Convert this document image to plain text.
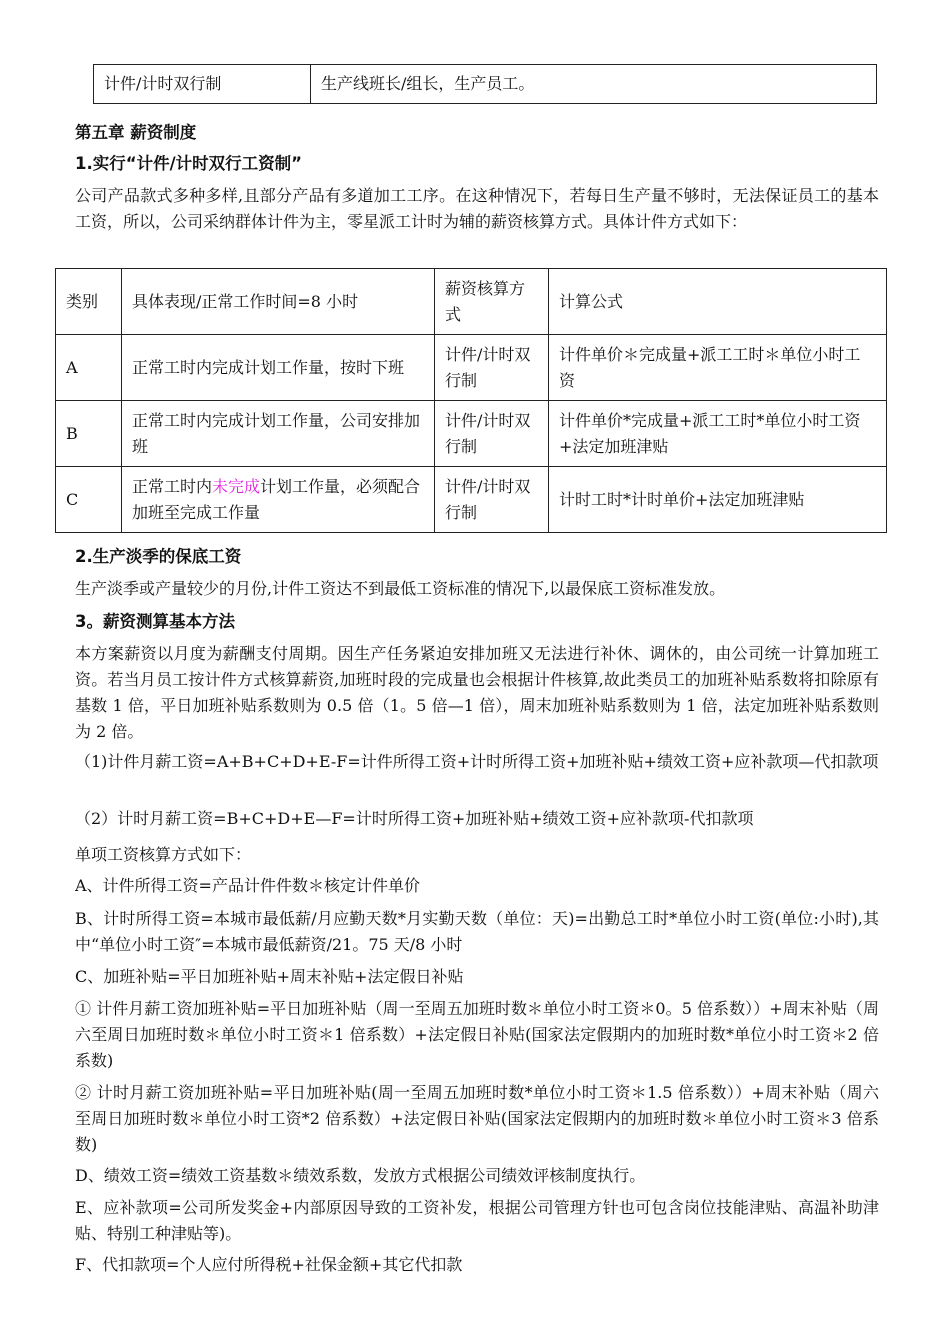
计件/计时双行制	生产线班长/组长，生产员工。
第五章 薪资制度
1.实行“计件/计时双行工资制”
公司产品款式多种多样,且部分产品有多道加工工序。在这种情况下，若每日生产量不够时，无法保证员工的基本工资，所以，公司采纳群体计件为主，零星派工计时为辅的薪资核算方式。具体计件方式如下：
类别	具体表现/正常工作时间=8 小时	薪资核算方式	计算公式
A	正常工时内完成计划工作量，按时下班	计件/计时双行制	计件单价＊完成量+派工工时＊单位小时工资
B	正常工时内完成计划工作量，公司安排加班	计件/计时双行制	计件单价*完成量+派工工时*单位小时工资+法定加班津贴
C	正常工时内未完成计划工作量，必须配合加班至完成工作量	计件/计时双行制	计时工时*计时单价+法定加班津贴
2.生产淡季的保底工资
生产淡季或产量较少的月份,计件工资达不到最低工资标准的情况下,以最保底工资标准发放。
3。薪资测算基本方法
本方案薪资以月度为薪酬支付周期。因生产任务紧迫安排加班又无法进行补休、调休的，由公司统一计算加班工资。若当月员工按计件方式核算薪资,加班时段的完成量也会根据计件核算,故此类员工的加班补贴系数将扣除原有基数 1 倍，平日加班补贴系数则为 0.5 倍（1。5 倍—1 倍），周末加班补贴系数则为 1 倍，法定加班补贴系数则为 2 倍。
（1)计件月薪工资=A+B+C+D+E-F=计件所得工资+计时所得工资+加班补贴+绩效工资+应补款项—代扣款项
（2）计时月薪工资=B+C+D+E—F=计时所得工资+加班补贴+绩效工资+应补款项-代扣款项
单项工资核算方式如下：
A、计件所得工资=产品计件件数＊核定计件单价
B、计时所得工资=本城市最低薪/月应勤天数*月实勤天数（单位：天)=出勤总工时*单位小时工资(单位:小时),其中“单位小时工资″=本城市最低薪资/21。75 天/8 小时
C、加班补贴=平日加班补贴+周末补贴+法定假日补贴
① 计件月薪工资加班补贴=平日加班补贴（周一至周五加班时数＊单位小时工资＊0。5 倍系数））+周末补贴（周六至周日加班时数＊单位小时工资＊1 倍系数）+法定假日补贴(国家法定假期内的加班时数*单位小时工资＊2 倍系数)
② 计时月薪工资加班补贴=平日加班补贴(周一至周五加班时数*单位小时工资＊1.5 倍系数））+周末补贴（周六至周日加班时数＊单位小时工资*2 倍系数）+法定假日补贴(国家法定假期内的加班时数＊单位小时工资＊3 倍系数)
D、绩效工资=绩效工资基数＊绩效系数，发放方式根据公司绩效评核制度执行。
E、应补款项=公司所发奖金+内部原因导致的工资补发，根据公司管理方针也可包含岗位技能津贴、高温补助津贴、特别工种津贴等)。
F、代扣款项=个人应付所得税+社保金额+其它代扣款
